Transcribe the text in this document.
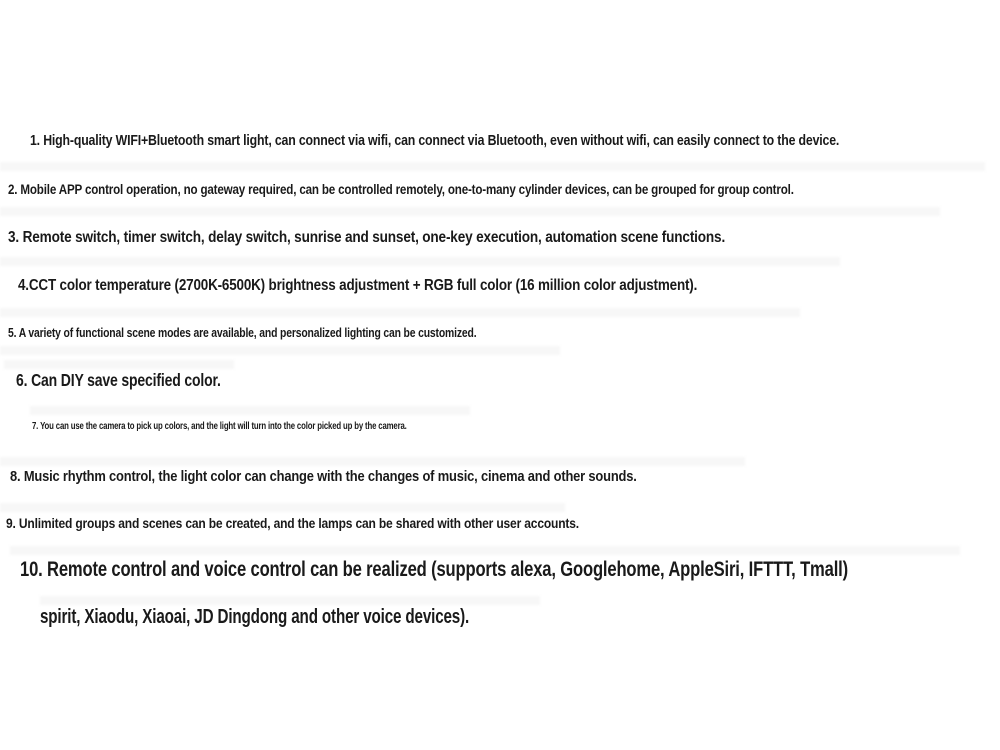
1. High-quality WIFI+Bluetooth smart light, can connect via wifi, can connect via Bluetooth, even without wifi, can easily connect to the device.
2. Mobile APP control operation, no gateway required, can be controlled remotely, one-to-many cylinder devices, can be grouped for group control.
3. Remote switch, timer switch, delay switch, sunrise and sunset, one-key execution, automation scene functions.
4.CCT color temperature (2700K-6500K) brightness adjustment + RGB full color (16 million color adjustment).
5. A variety of functional scene modes are available, and personalized lighting can be customized.
6. Can DIY save specified color.
7. You can use the camera to pick up colors, and the light will turn into the color picked up by the camera.
8. Music rhythm control, the light color can change with the changes of music, cinema and other sounds.
9. Unlimited groups and scenes can be created, and the lamps can be shared with other user accounts.
10. Remote control and voice control can be realized (supports alexa, Googlehome, AppleSiri, IFTTT, Tmall)
spirit, Xiaodu, Xiaoai, JD Dingdong and other voice devices).
